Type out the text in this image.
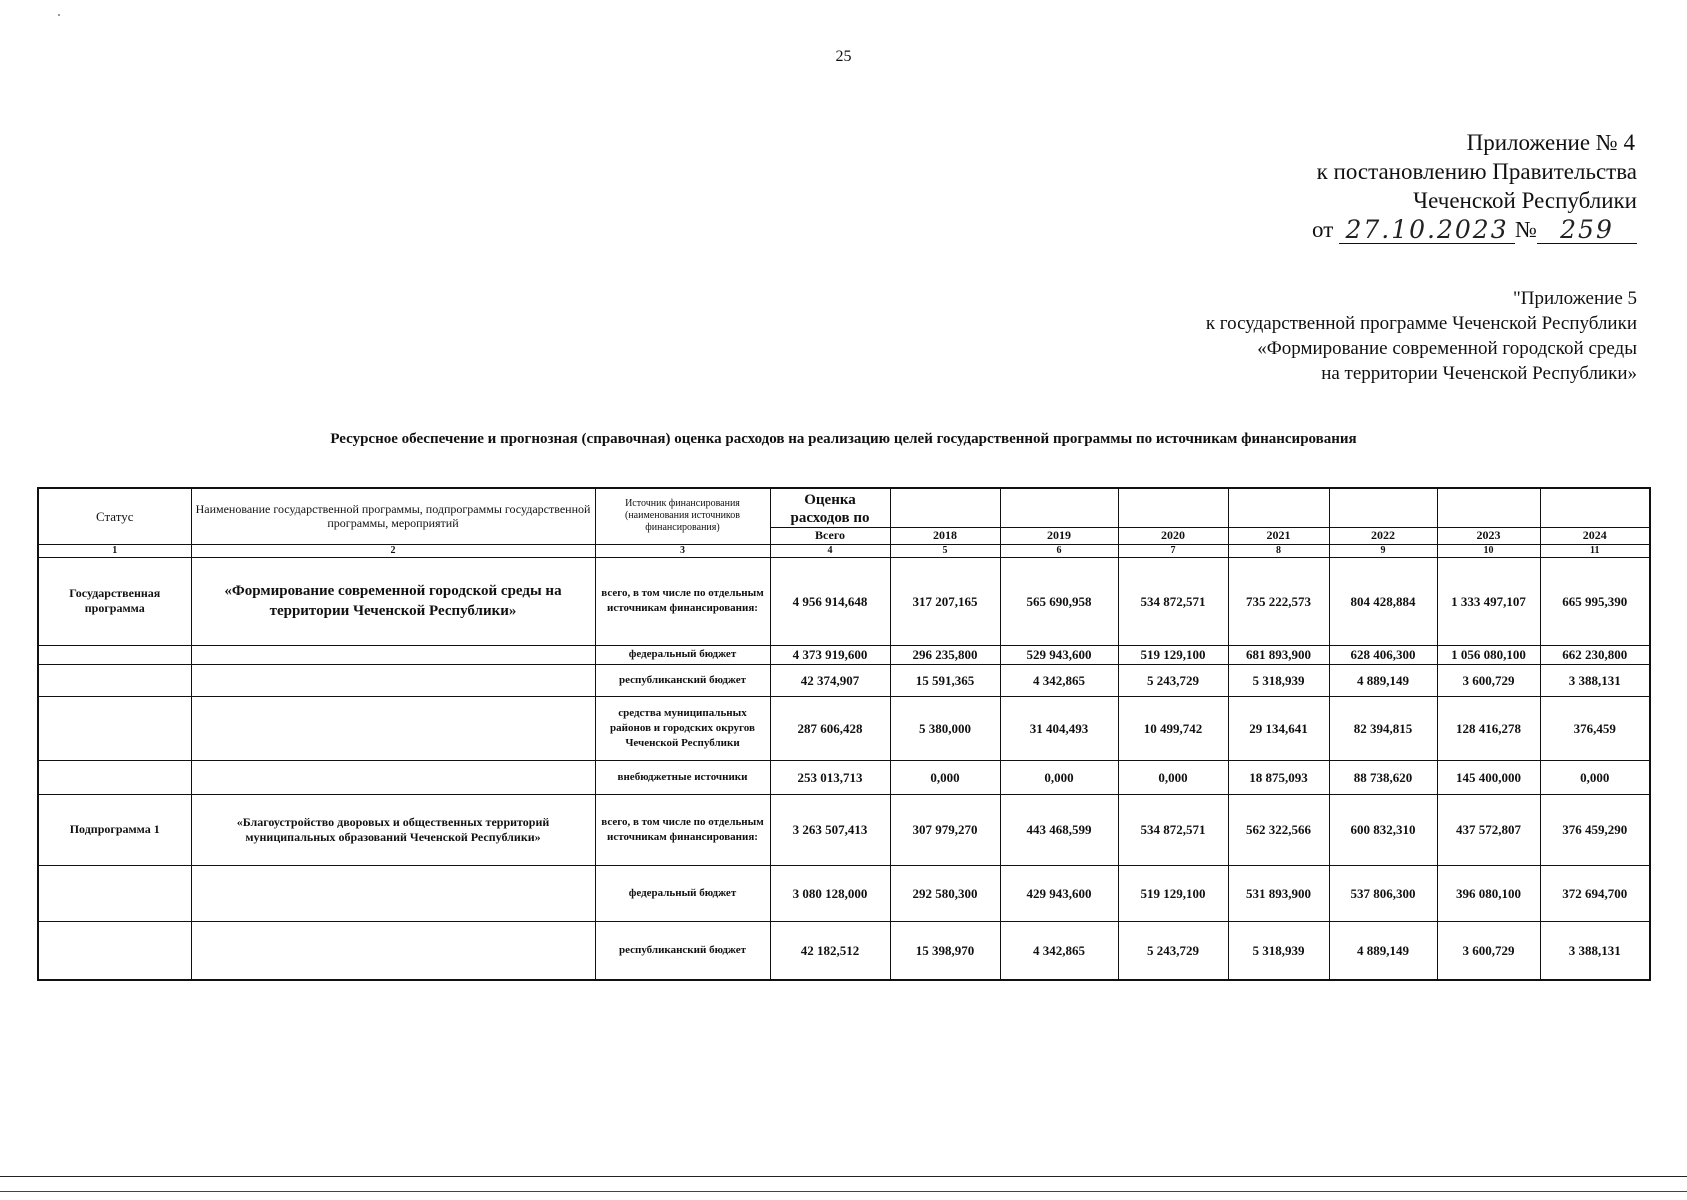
25
Приложение № 4
к постановлению Правительства
Чеченской Республики
от
27.10.2023 № 259
"Приложение 5
к государственной программе Чеченской Республики
«Формирование современной городской среды
на территории Чеченской Республики»
Ресурсное обеспечение и прогнозная (справочная) оценка расходов на реализацию целей государственной программы по источникам финансирования
Статус	Наименование государственной программы, подпрограммы государственной программы, мероприятий	Источник финансирования (наименования источников финансирования)	Оценка расходов по							
			Всего	2018	2019	2020	2021	2022	2023	2024
1	2	3	4	5	6	7	8	9	10	11
Государственная программа	«Формирование современной городской среды на территории Чеченской Республики»	всего, в том числе по отдельным источникам финансирования:	4 956 914,648	317 207,165	565 690,958	534 872,571	735 222,573	804 428,884	1 333 497,107	665 995,390
		федеральный бюджет	4 373 919,600	296 235,800	529 943,600	519 129,100	681 893,900	628 406,300	1 056 080,100	662 230,800
		республиканский бюджет	42 374,907	15 591,365	4 342,865	5 243,729	5 318,939	4 889,149	3 600,729	3 388,131
		средства муниципальных районов и городских округов Чеченской Республики	287 606,428	5 380,000	31 404,493	10 499,742	29 134,641	82 394,815	128 416,278	376,459
		внебюджетные источники	253 013,713	0,000	0,000	0,000	18 875,093	88 738,620	145 400,000	0,000
Подпрограмма 1	«Благоустройство дворовых и общественных территорий муниципальных образований Чеченской Республики»	всего, в том числе по отдельным источникам финансирования:	3 263 507,413	307 979,270	443 468,599	534 872,571	562 322,566	600 832,310	437 572,807	376 459,290
		федеральный бюджет	3 080 128,000	292 580,300	429 943,600	519 129,100	531 893,900	537 806,300	396 080,100	372 694,700
		республиканский бюджет	42 182,512	15 398,970	4 342,865	5 243,729	5 318,939	4 889,149	3 600,729	3 388,131
